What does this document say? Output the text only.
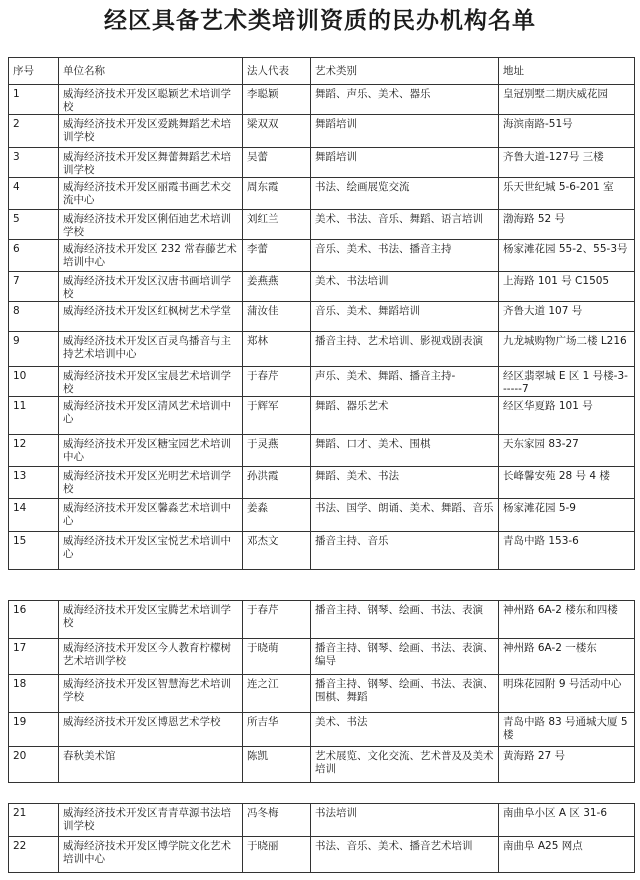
经区具备艺术类培训资质的民办机构名单
序号	单位名称	法人代表	艺术类别	地址
1	威海经济技术开发区聪颖艺术培训学校	李聪颖	舞蹈、声乐、美术、器乐	皇冠别墅二期庆威花园
2	威海经济技术开发区爱跳舞蹈艺术培训学校	梁双双	舞蹈培训	海滨南路-51号
3	威海经济技术开发区舞蕾舞蹈艺术培训学校	吴蕾	舞蹈培训	齐鲁大道-127号 三楼
4	威海经济技术开发区丽霞书画艺术交流中心	周东霞	书法、绘画展览交流	乐天世纪城 5-6-201 室
5	威海经济技术开发区俐佰迪艺术培训学校	刘红兰	美术、书法、音乐、舞蹈、语言培训	渤海路 52 号
6	威海经济技术开发区 232 常春藤艺术培训中心	李蕾	音乐、美术、书法、播音主持	杨家滩花园 55-2、55-3号
7	威海经济技术开发区汉唐书画培训学校	姜燕燕	美术、书法培训	上海路 101 号 C1505
8	威海经济技术开发区红枫树艺术学堂	蒲汝佳	音乐、美术、舞蹈培训	齐鲁大道 107 号
9	威海经济技术开发区百灵鸟播音与主持艺术培训中心	郑林	播音主持、艺术培训、影视戏剧表演	九龙城购物广场二楼 L216
10	威海经济技术开发区宝晨艺术培训学校	于春芹	声乐、美术、舞蹈、播音主持-	经区翡翠城 E 区 1 号楼-3------7
11	威海经济技术开发区清风艺术培训中心	于辉军	舞蹈、器乐艺术	经区华夏路 101 号
12	威海经济技术开发区糖宝园艺术培训中心	于灵燕	舞蹈、口才、美术、围棋	天东家园 83-27
13	威海经济技术开发区光明艺术培训学校	孙洪霞	舞蹈、美术、书法	长峰馨安苑 28 号 4 楼
14	威海经济技术开发区馨淼艺术培训中心	姜淼	书法、国学、朗诵、美术、舞蹈、音乐	杨家滩花园 5-9
15	威海经济技术开发区宝悦艺术培训中心	邓杰文	播音主持、音乐	青岛中路 153-6
16	威海经济技术开发区宝腾艺术培训学校	于春芹	播音主持、钢琴、绘画、书法、表演	神州路 6A-2 楼东和四楼
17	威海经济技术开发区今人教育柠檬树艺术培训学校	于晓萌	播音主持、钢琴、绘画、书法、表演、编导	神州路 6A-2 一楼东
18	威海经济技术开发区智慧海艺术培训学校	连之江	播音主持、钢琴、绘画、书法、表演、围棋、舞蹈	明珠花园附 9 号活动中心
19	威海经济技术开发区博恩艺术学校	所吉华	美术、书法	青岛中路 83 号通城大厦 5 楼
20	春秋美术馆	陈凯	艺术展览、文化交流、艺术普及及美术培训	黄海路 27 号
21	威海经济技术开发区青青草源书法培训学校	冯冬梅	书法培训	南曲阜小区 A 区 31-6
22	威海经济技术开发区博学院文化艺术培训中心	于晓丽	书法、音乐、美术、播音艺术培训	南曲阜 A25 网点
